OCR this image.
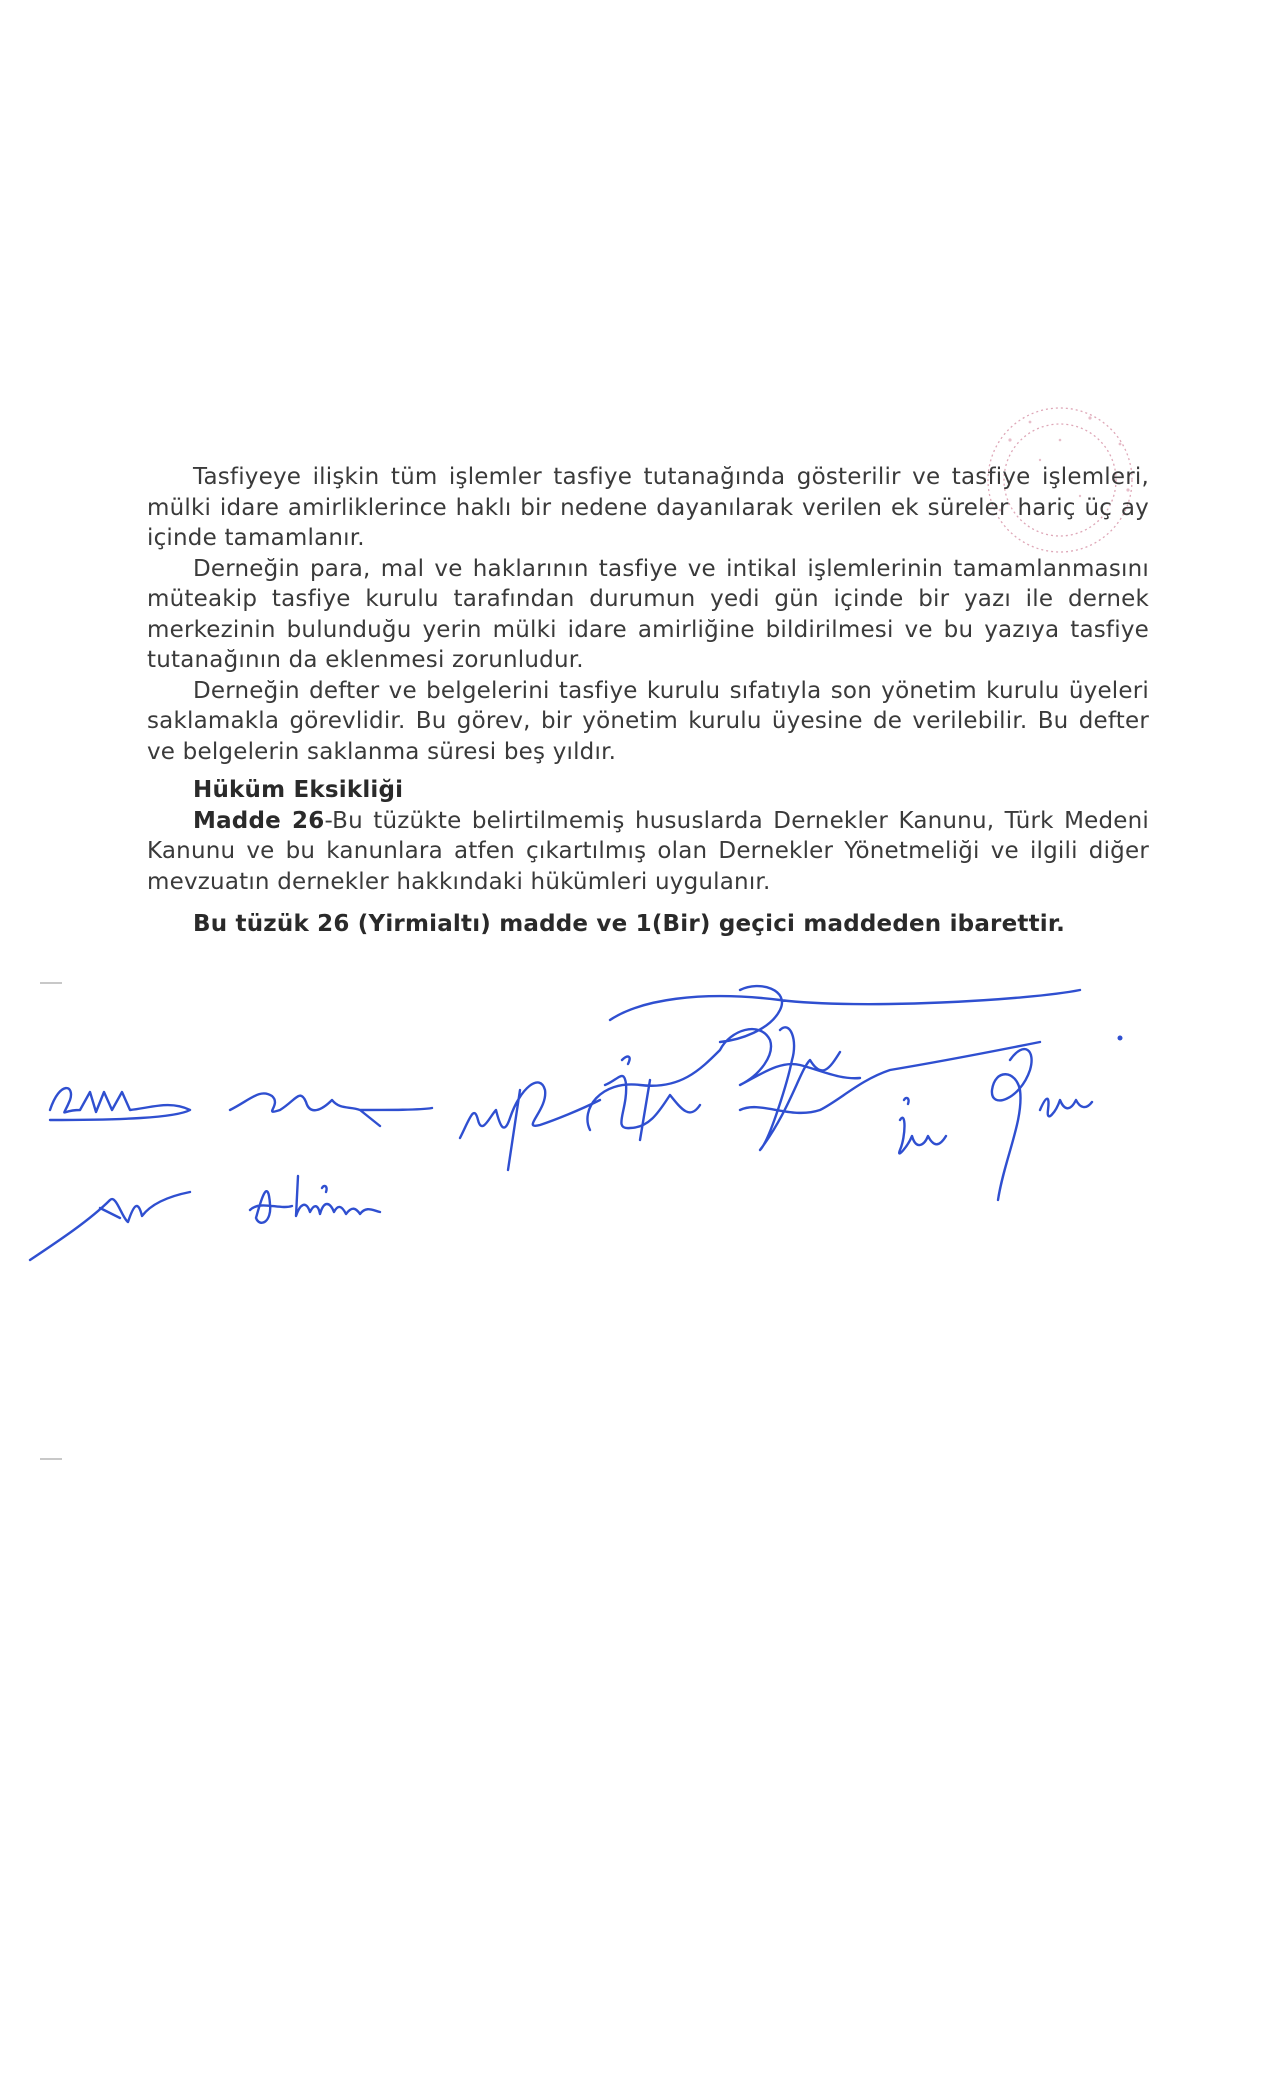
Tasfiyeye ilişkin tüm işlemler tasfiye tutanağında gösterilir ve tasfiye işlemleri, mülki idare amirliklerince haklı bir nedene dayanılarak verilen ek süreler hariç üç ay içinde tamamlanır.

Derneğin para, mal ve haklarının tasfiye ve intikal işlemlerinin tamamlanmasını müteakip tasfiye kurulu tarafından durumun yedi gün içinde bir yazı ile dernek merkezinin bulunduğu yerin mülki idare amirliğine bildirilmesi ve bu yazıya tasfiye tutanağının da eklenmesi zorunludur.

Derneğin defter ve belgelerini tasfiye kurulu sıfatıyla son yönetim kurulu üyeleri saklamakla görevlidir. Bu görev, bir yönetim kurulu üyesine de verilebilir. Bu defter ve belgelerin saklanma süresi beş yıldır.

Hüküm Eksikliği

Madde 26-Bu tüzükte belirtilmemiş hususlarda Dernekler Kanunu, Türk Medeni Kanunu ve bu kanunlara atfen çıkartılmış olan Dernekler Yönetmeliği ve ilgili diğer mevzuatın dernekler hakkındaki hükümleri uygulanır.

Bu tüzük 26 (Yirmialtı) madde ve 1(Bir) geçici maddeden ibarettir.
